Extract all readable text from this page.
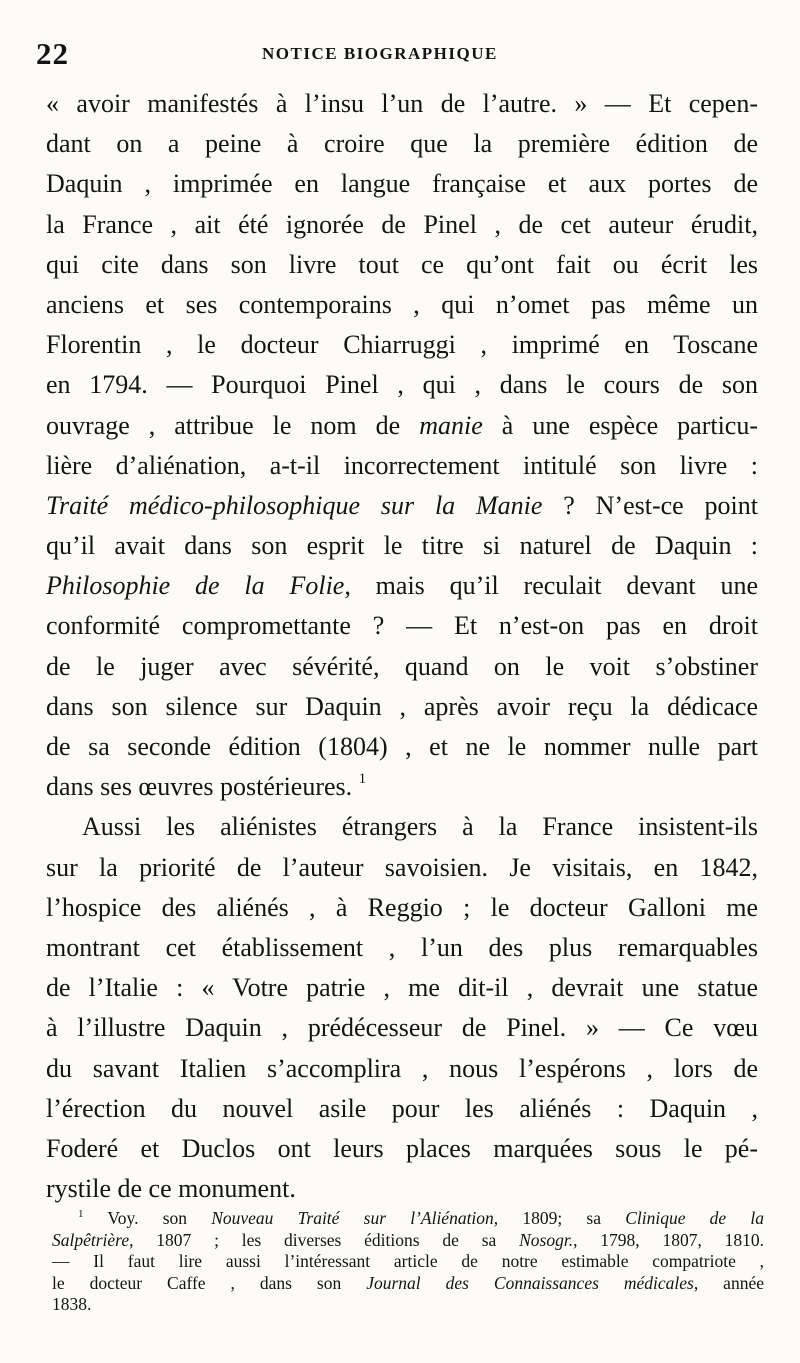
22	NOTICE BIOGRAPHIQUE
« avoir manifestés à l’insu l’un de l’autre. » — Et cepen-
dant on a peine à croire que la première édition de
Daquin , imprimée en langue française et aux portes de
la France , ait été ignorée de Pinel , de cet auteur érudit,
qui cite dans son livre tout ce qu’ont fait ou écrit les
anciens et ses contemporains , qui n’omet pas même un
Florentin , le docteur Chiarruggi , imprimé en Toscane
en 1794. — Pourquoi Pinel , qui , dans le cours de son
ouvrage , attribue le nom de manie à une espèce particu-
lière d’aliénation, a-t-il incorrectement intitulé son livre :
Traité médico-philosophique sur la Manie ? N’est-ce point
qu’il avait dans son esprit le titre si naturel de Daquin :
Philosophie de la Folie, mais qu’il reculait devant une
conformité compromettante ? — Et n’est-on pas en droit
de le juger avec sévérité, quand on le voit s’obstiner
dans son silence sur Daquin , après avoir reçu la dédicace
de sa seconde édition (1804) , et ne le nommer nulle part
dans ses œuvres postérieures. $^1$
Aussi les aliénistes étrangers à la France insistent-ils
sur la priorité de l’auteur savoisien. Je visitais, en 1842,
l’hospice des aliénés , à Reggio ; le docteur Galloni me
montrant cet établissement , l’un des plus remarquables
de l’Italie : « Votre patrie , me dit-il , devrait une statue
à l’illustre Daquin , prédécesseur de Pinel. » — Ce vœu
du savant Italien s’accomplira , nous l’espérons , lors de
l’érection du nouvel asile pour les aliénés : Daquin ,
Foderé et Duclos ont leurs places marquées sous le pé-
rystile de ce monument.
$^1$ Voy. son Nouveau Traité sur l’Aliénation, 1809; sa Clinique de la
Salpêtrière, 1807 ; les diverses éditions de sa Nosogr., 1798, 1807, 1810.
— Il faut lire aussi l’intéressant article de notre estimable compatriote ,
le docteur Caffe , dans son Journal des Connaissances médicales, année
1838.
